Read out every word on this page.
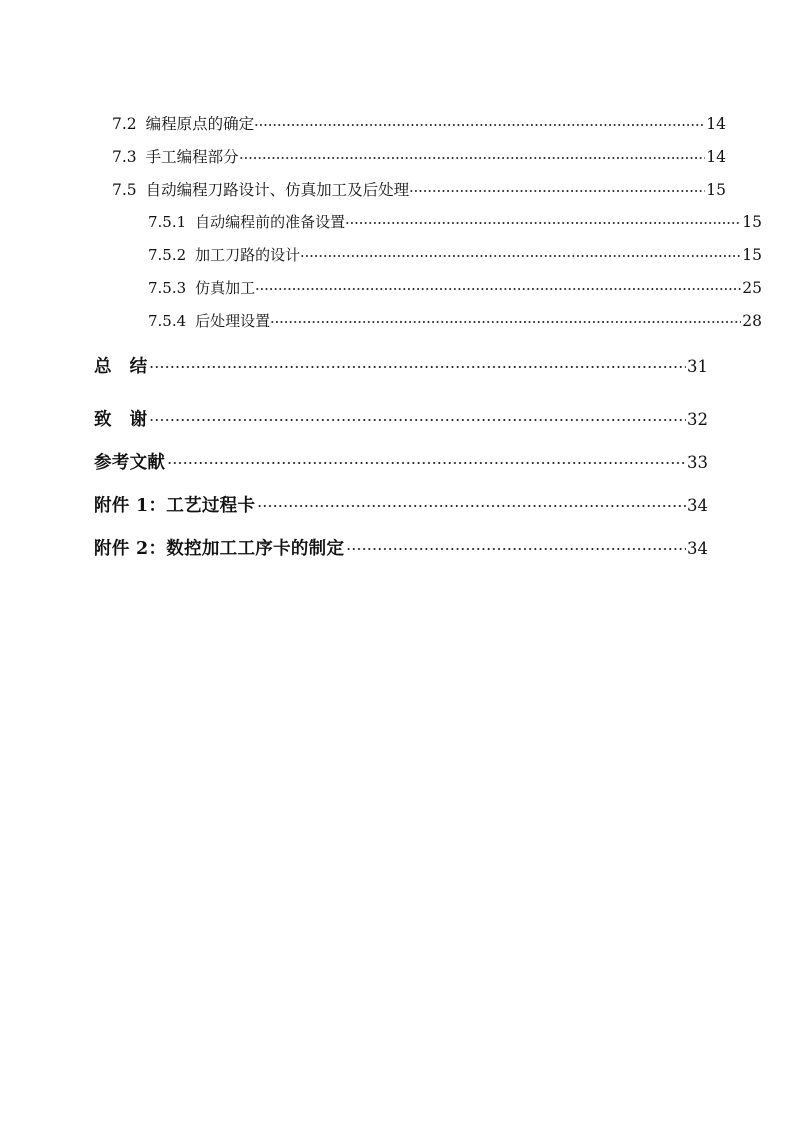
7.2 编程原点的确定	14
7.3 手工编程部分	14
7.5 自动编程刀路设计、仿真加工及后处理	15
7.5.1 自动编程前的准备设置	15
7.5.2 加工刀路的设计	15
7.5.3 仿真加工	25
7.5.4 后处理设置	28
总　结	31
致　谢	32
参考文献	33
附件 1：工艺过程卡	34
附件 2：数控加工工序卡的制定	34
